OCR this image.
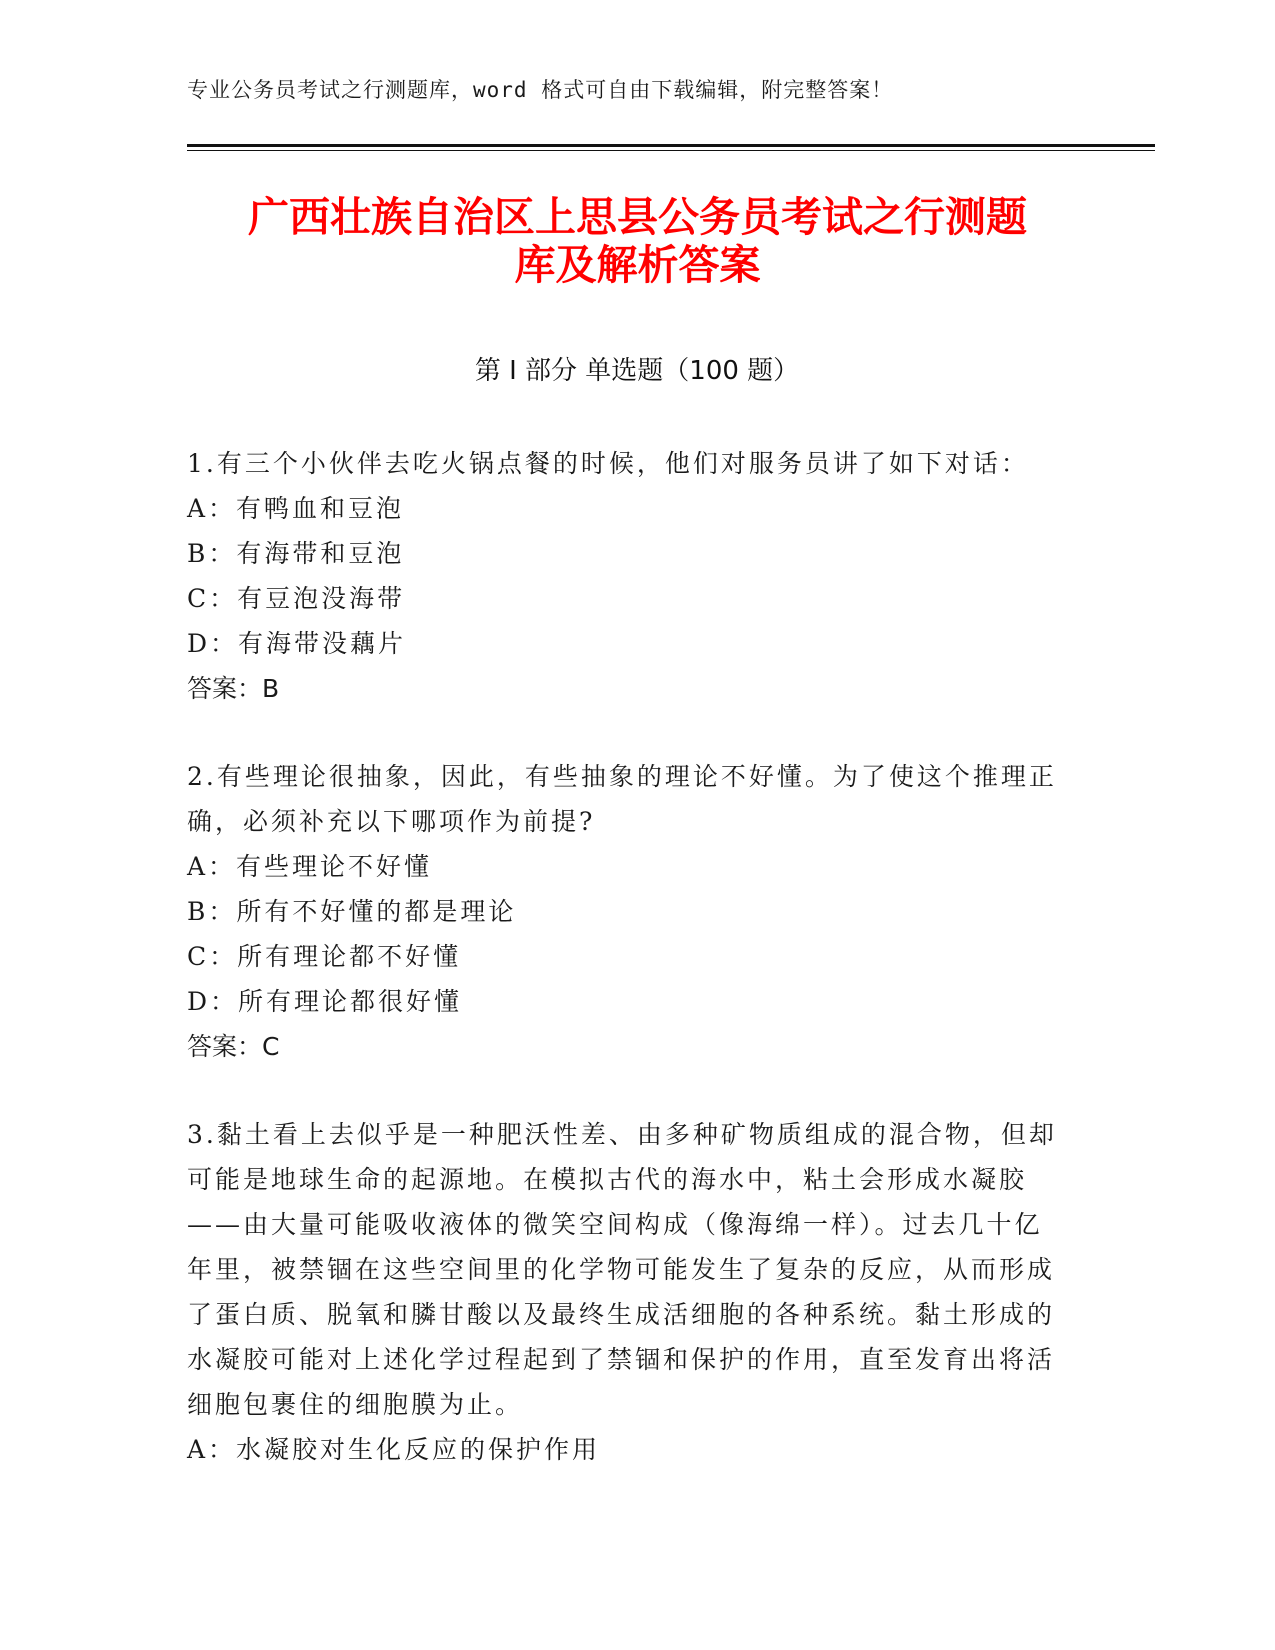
专业公务员考试之行测题库，word 格式可自由下载编辑，附完整答案！
广西壮族自治区上思县公务员考试之行测题
库及解析答案
第 I 部分 单选题（100 题）

1.有三个小伙伴去吃火锅点餐的时候，他们对服务员讲了如下对话：

A：有鸭血和豆泡

B：有海带和豆泡

C：有豆泡没海带

D：有海带没藕片

答案：B

2.有些理论很抽象，因此，有些抽象的理论不好懂。为了使这个推理正确，必须补充以下哪项作为前提?

A：有些理论不好懂

B：所有不好懂的都是理论

C：所有理论都不好懂

D：所有理论都很好懂

答案：C

3.黏土看上去似乎是一种肥沃性差、由多种矿物质组成的混合物，但却可能是地球生命的起源地。在模拟古代的海水中，粘土会形成水凝胶——由大量可能吸收液体的微笑空间构成（像海绵一样）。过去几十亿年里，被禁锢在这些空间里的化学物可能发生了复杂的反应，从而形成了蛋白质、脱氧和膦甘酸以及最终生成活细胞的各种系统。黏土形成的水凝胶可能对上述化学过程起到了禁锢和保护的作用，直至发育出将活细胞包裹住的细胞膜为止。

A：水凝胶对生化反应的保护作用
